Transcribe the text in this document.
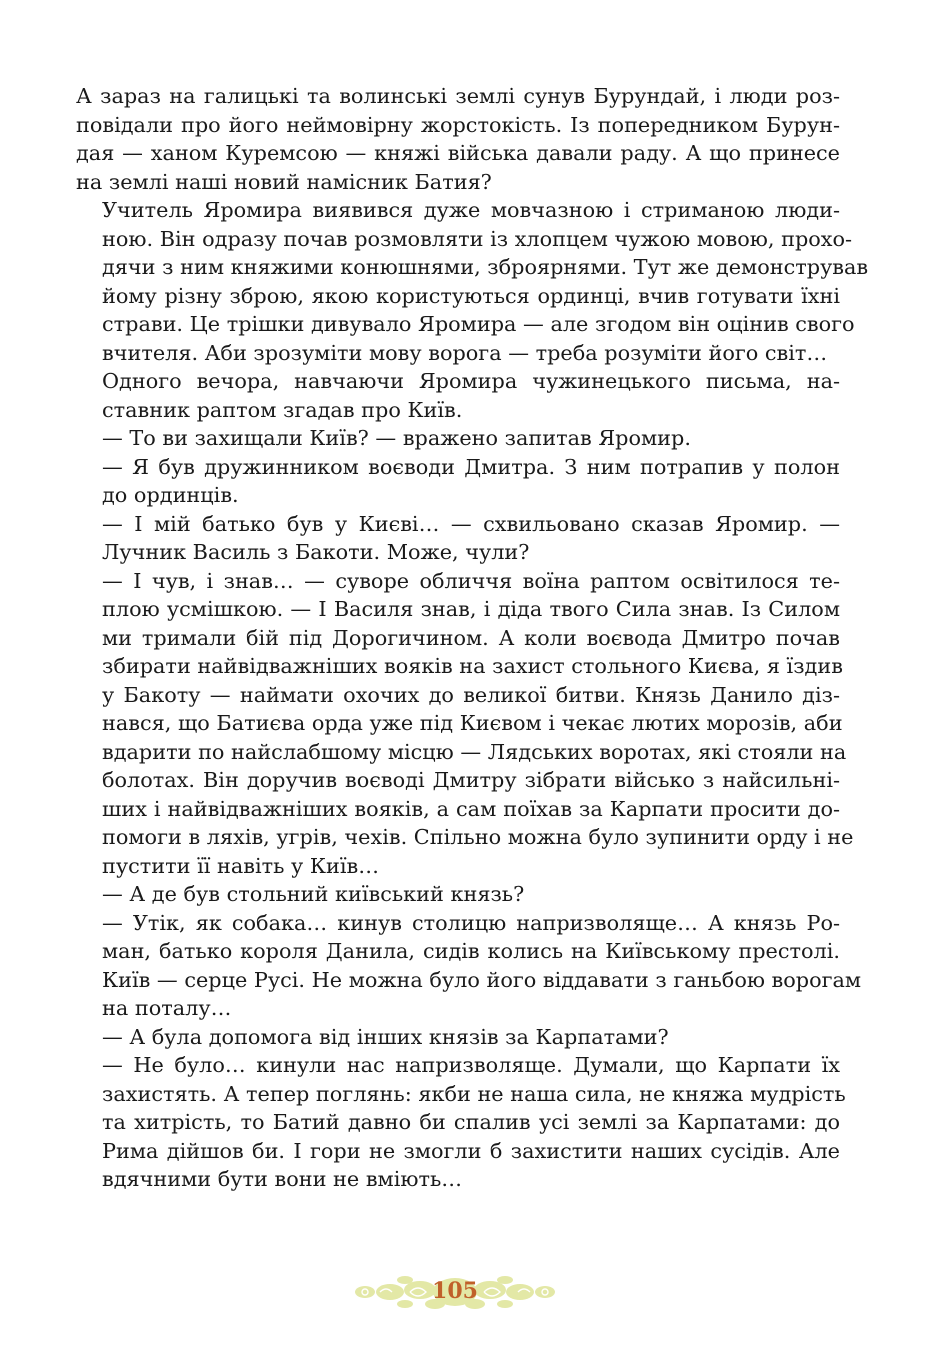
А зараз на галицькі та волинські землі сунув Бурундай, і люди роз-
повідали про його неймовірну жорстокість. Із попередником Бурун-
дая — ханом Куремсою — княжі війська давали раду. А що принесе
на землі наші новий намісник Батия?

Учитель Яромира виявився дуже мовчазною і стриманою люди-
ною. Він одразу почав розмовляти із хлопцем чужою мовою, прохо-
дячи з ним княжими конюшнями, зброярнями. Тут же демонстрував
йому різну зброю, якою користуються ординці, вчив готувати їхні
страви. Це трішки дивувало Яромира — але згодом він оцінив свого
вчителя. Аби зрозуміти мову ворога — треба розуміти його світ…

Одного вечора, навчаючи Яромира чужинецького письма, на-
ставник раптом згадав про Київ.

— То ви захищали Київ? — вражено запитав Яромир.

— Я був дружинником воєводи Дмитра. З ним потрапив у полон
до ординців.

— І мій батько був у Києві… — схвильовано сказав Яромир. —
Лучник Василь з Бакоти. Може, чули?

— І чув, і знав… — суворе обличчя воїна раптом освітилося те-
плою усмішкою. — І Василя знав, і діда твого Сила знав. Із Силом
ми тримали бій під Дорогичином. А коли воєвода Дмитро почав
збирати найвідважніших вояків на захист стольного Києва, я їздив
у Бакоту — наймати охочих до великої битви. Князь Данило дiз-
нався, що Батиєва орда уже під Києвом і чекає лютих морозів, аби
вдарити по найслабшому місцю — Лядських воротах, які стояли на
болотах. Він доручив воєводі Дмитру зібрати військо з найсильні-
ших і найвідважніших вояків, а сам поїхав за Карпати просити до-
помоги в ляхів, угрів, чехів. Спільно можна було зупинити орду і не
пустити її навіть у Київ…

— А де був стольний київський князь?

— Утік, як собака… кинув столицю напризволяще… А князь Ро-
ман, батько короля Данила, сидів колись на Київському престолі.
Київ — серце Русі. Не можна було його віддавати з ганьбою ворогам
на поталу…

— А була допомога від інших князів за Карпатами?

— Не було… кинули нас напризволяще. Думали, що Карпати їх
захистять. А тепер поглянь: якби не наша сила, не княжа мудрість
та хитрість, то Батий давно би спалив усі землі за Карпатами: до
Рима дійшов би. І гори не змогли б захистити наших сусідів. Але
вдячними бути вони не вміють…

105
